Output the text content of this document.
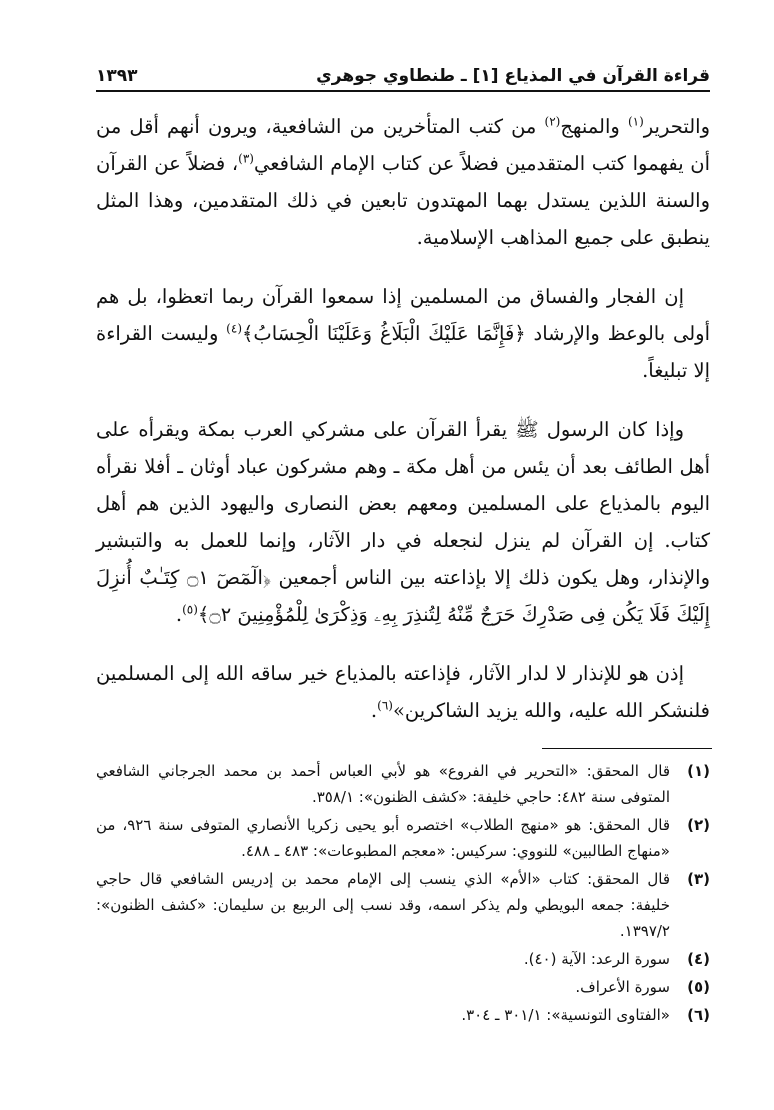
قراءة القرآن في المذياع [١] ـ طنطاوي جوهري
١٣٩٣

والتحرير$^{(١)}$ والمنهج$^{(٢)}$ من كتب المتأخرين من الشافعية، ويرون أنهم أقل من أن يفهموا كتب المتقدمين فضلاً عن كتاب الإمام الشافعي$^{(٣)}$، فضلاً عن القرآن والسنة اللذين يستدل بهما المهتدون تابعين في ذلك المتقدمين، وهذا المثل ينطبق على جميع المذاهب الإسلامية.

إن الفجار والفساق من المسلمين إذا سمعوا القرآن ربما اتعظوا، بل هم أولى بالوعظ والإرشاد ﴿فَإِنَّمَا عَلَيْكَ الْبَلَاغُ وَعَلَيْنَا الْحِسَابُ﴾$^{(٤)}$ وليست القراءة إلا تبليغاً.

وإذا كان الرسول ﷺ يقرأ القرآن على مشركي العرب بمكة ويقرأه على أهل الطائف بعد أن يئس من أهل مكة ـ وهم مشركون عباد أوثان ـ أفلا نقرأه اليوم بالمذياع على المسلمين ومعهم بعض النصارى واليهود الذين هم أهل كتاب. إن القرآن لم ينزل لنجعله في دار الآثار، وإنما للعمل به والتبشير والإنذار، وهل يكون ذلك إلا بإذاعته بين الناس أجمعين ﴿الٓمٓصٓ ۝١ كِتَـٰبٌ أُنزِلَ إِلَيْكَ فَلَا يَكُن فِى صَدْرِكَ حَرَجٌ مِّنْهُ لِتُنذِرَ بِهِۦ وَذِكْرَىٰ لِلْمُؤْمِنِينَ ۝٢﴾$^{(٥)}$.

إذن هو للإنذار لا لدار الآثار، فإذاعته بالمذياع خير ساقه الله إلى المسلمين فلنشكر الله عليه، والله يزيد الشاكرين»$^{(٦)}$.

(١)
قال المحقق: «التحرير في الفروع» هو لأبي العباس أحمد بن محمد الجرجاني الشافعي المتوفى سنة ٤٨٢: حاجي خليفة: «كشف الظنون»: ٣٥٨/١.
(٢)
قال المحقق: هو «منهج الطلاب» اختصره أبو يحيى زكريا الأنصاري المتوفى سنة ٩٢٦، من «منهاج الطالبين» للنووي: سركيس: «معجم المطبوعات»: ٤٨٣ ـ ٤٨٨.
(٣)
قال المحقق: كتاب «الأم» الذي ينسب إلى الإمام محمد بن إدريس الشافعي قال حاجي خليفة: جمعه البويطي ولم يذكر اسمه، وقد نسب إلى الربيع بن سليمان: «كشف الظنون»: ١٣٩٧/٢.
(٤)
سورة الرعد: الآية (٤٠).
(٥)
سورة الأعراف.
(٦)
«الفتاوى التونسية»: ٣٠١/١ ـ ٣٠٤.
